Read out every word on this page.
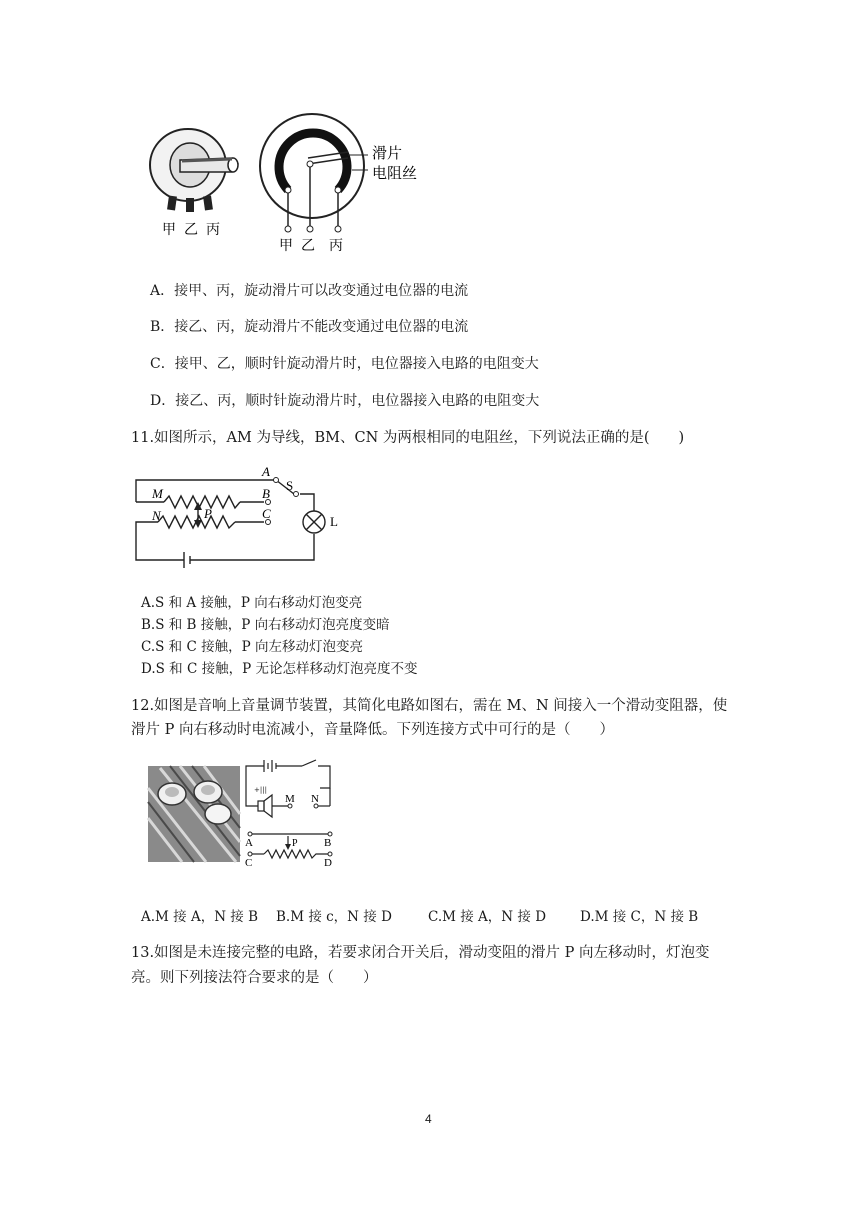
甲 乙 丙
滑片
电阻丝
甲 乙 丙
A．接甲、丙，旋动滑片可以改变通过电位器的电流
B．接乙、丙，旋动滑片不能改变通过电位器的电流
C．接甲、乙，顺时针旋动滑片时，电位器接入电路的电阻变大
D．接乙、丙，顺时针旋动滑片时，电位器接入电路的电阻变大
11.如图所示，AM 为导线，BM、CN 为两根相同的电阻丝，下列说法正确的是(　　)
A
B
C
M
N	P
S
L
A.S 和 A 接触，P 向右移动灯泡变亮
B.S 和 B 接触，P 向右移动灯泡亮度变暗
C.S 和 C 接触，P 向左移动灯泡变亮
D.S 和 C 接触，P 无论怎样移动灯泡亮度不变
12.如图是音响上音量调节装置，其简化电路如图右，需在 M、N 间接入一个滑动变阻器，使
滑片 P 向右移动时电流减小，音量降低。下列连接方式中可行的是（　　）
+|||
M N
A	B
C	D
P
A.M 接 A，N 接 B B.M 接 c，N 接 D	C.M 接 A，N 接 D	D.M 接 C，N 接 B
13.如图是未连接完整的电路，若要求闭合开关后，滑动变阻的滑片 P 向左移动时，灯泡变
亮。则下列接法符合要求的是（　　）
4
